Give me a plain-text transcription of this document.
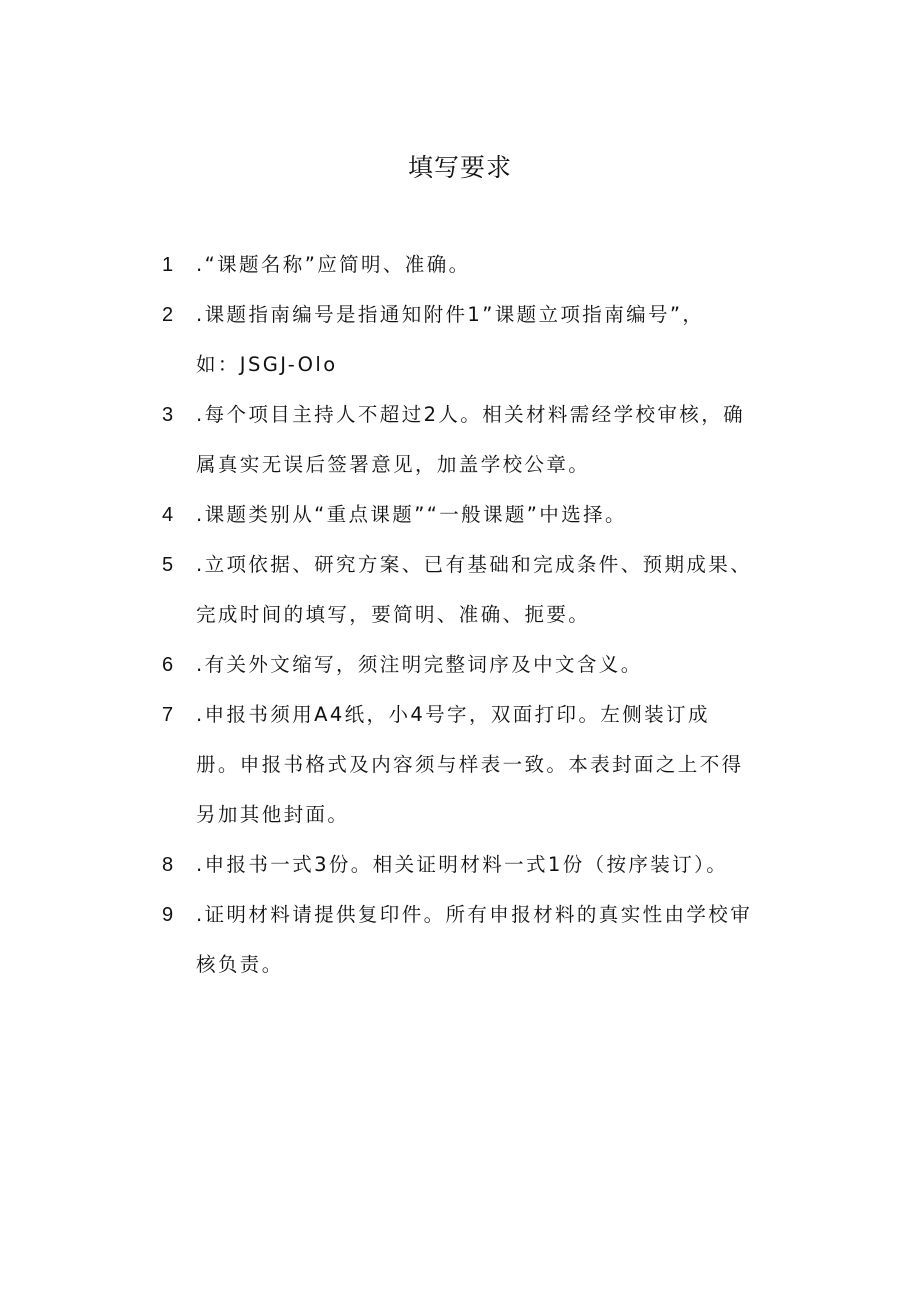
填写要求
1 .“课题名称”应简明、准确。
2 .课题指南编号是指通知附件1”课题立项指南编号”，
如：JSGJ-Olo
3 .每个项目主持人不超过2人。相关材料需经学校审核，确
属真实无误后签署意见，加盖学校公章。
4 .课题类别从“重点课题”“一般课题”中选择。
5 .立项依据、研究方案、已有基础和完成条件、预期成果、
完成时间的填写，要简明、准确、扼要。
6 .有关外文缩写，须注明完整词序及中文含义。
7 .申报书须用A4纸，小4号字，双面打印。左侧装订成
册。申报书格式及内容须与样表一致。本表封面之上不得
另加其他封面。
8 .申报书一式3份。相关证明材料一式1份（按序装订）。
9 .证明材料请提供复印件。所有申报材料的真实性由学校审
核负责。
